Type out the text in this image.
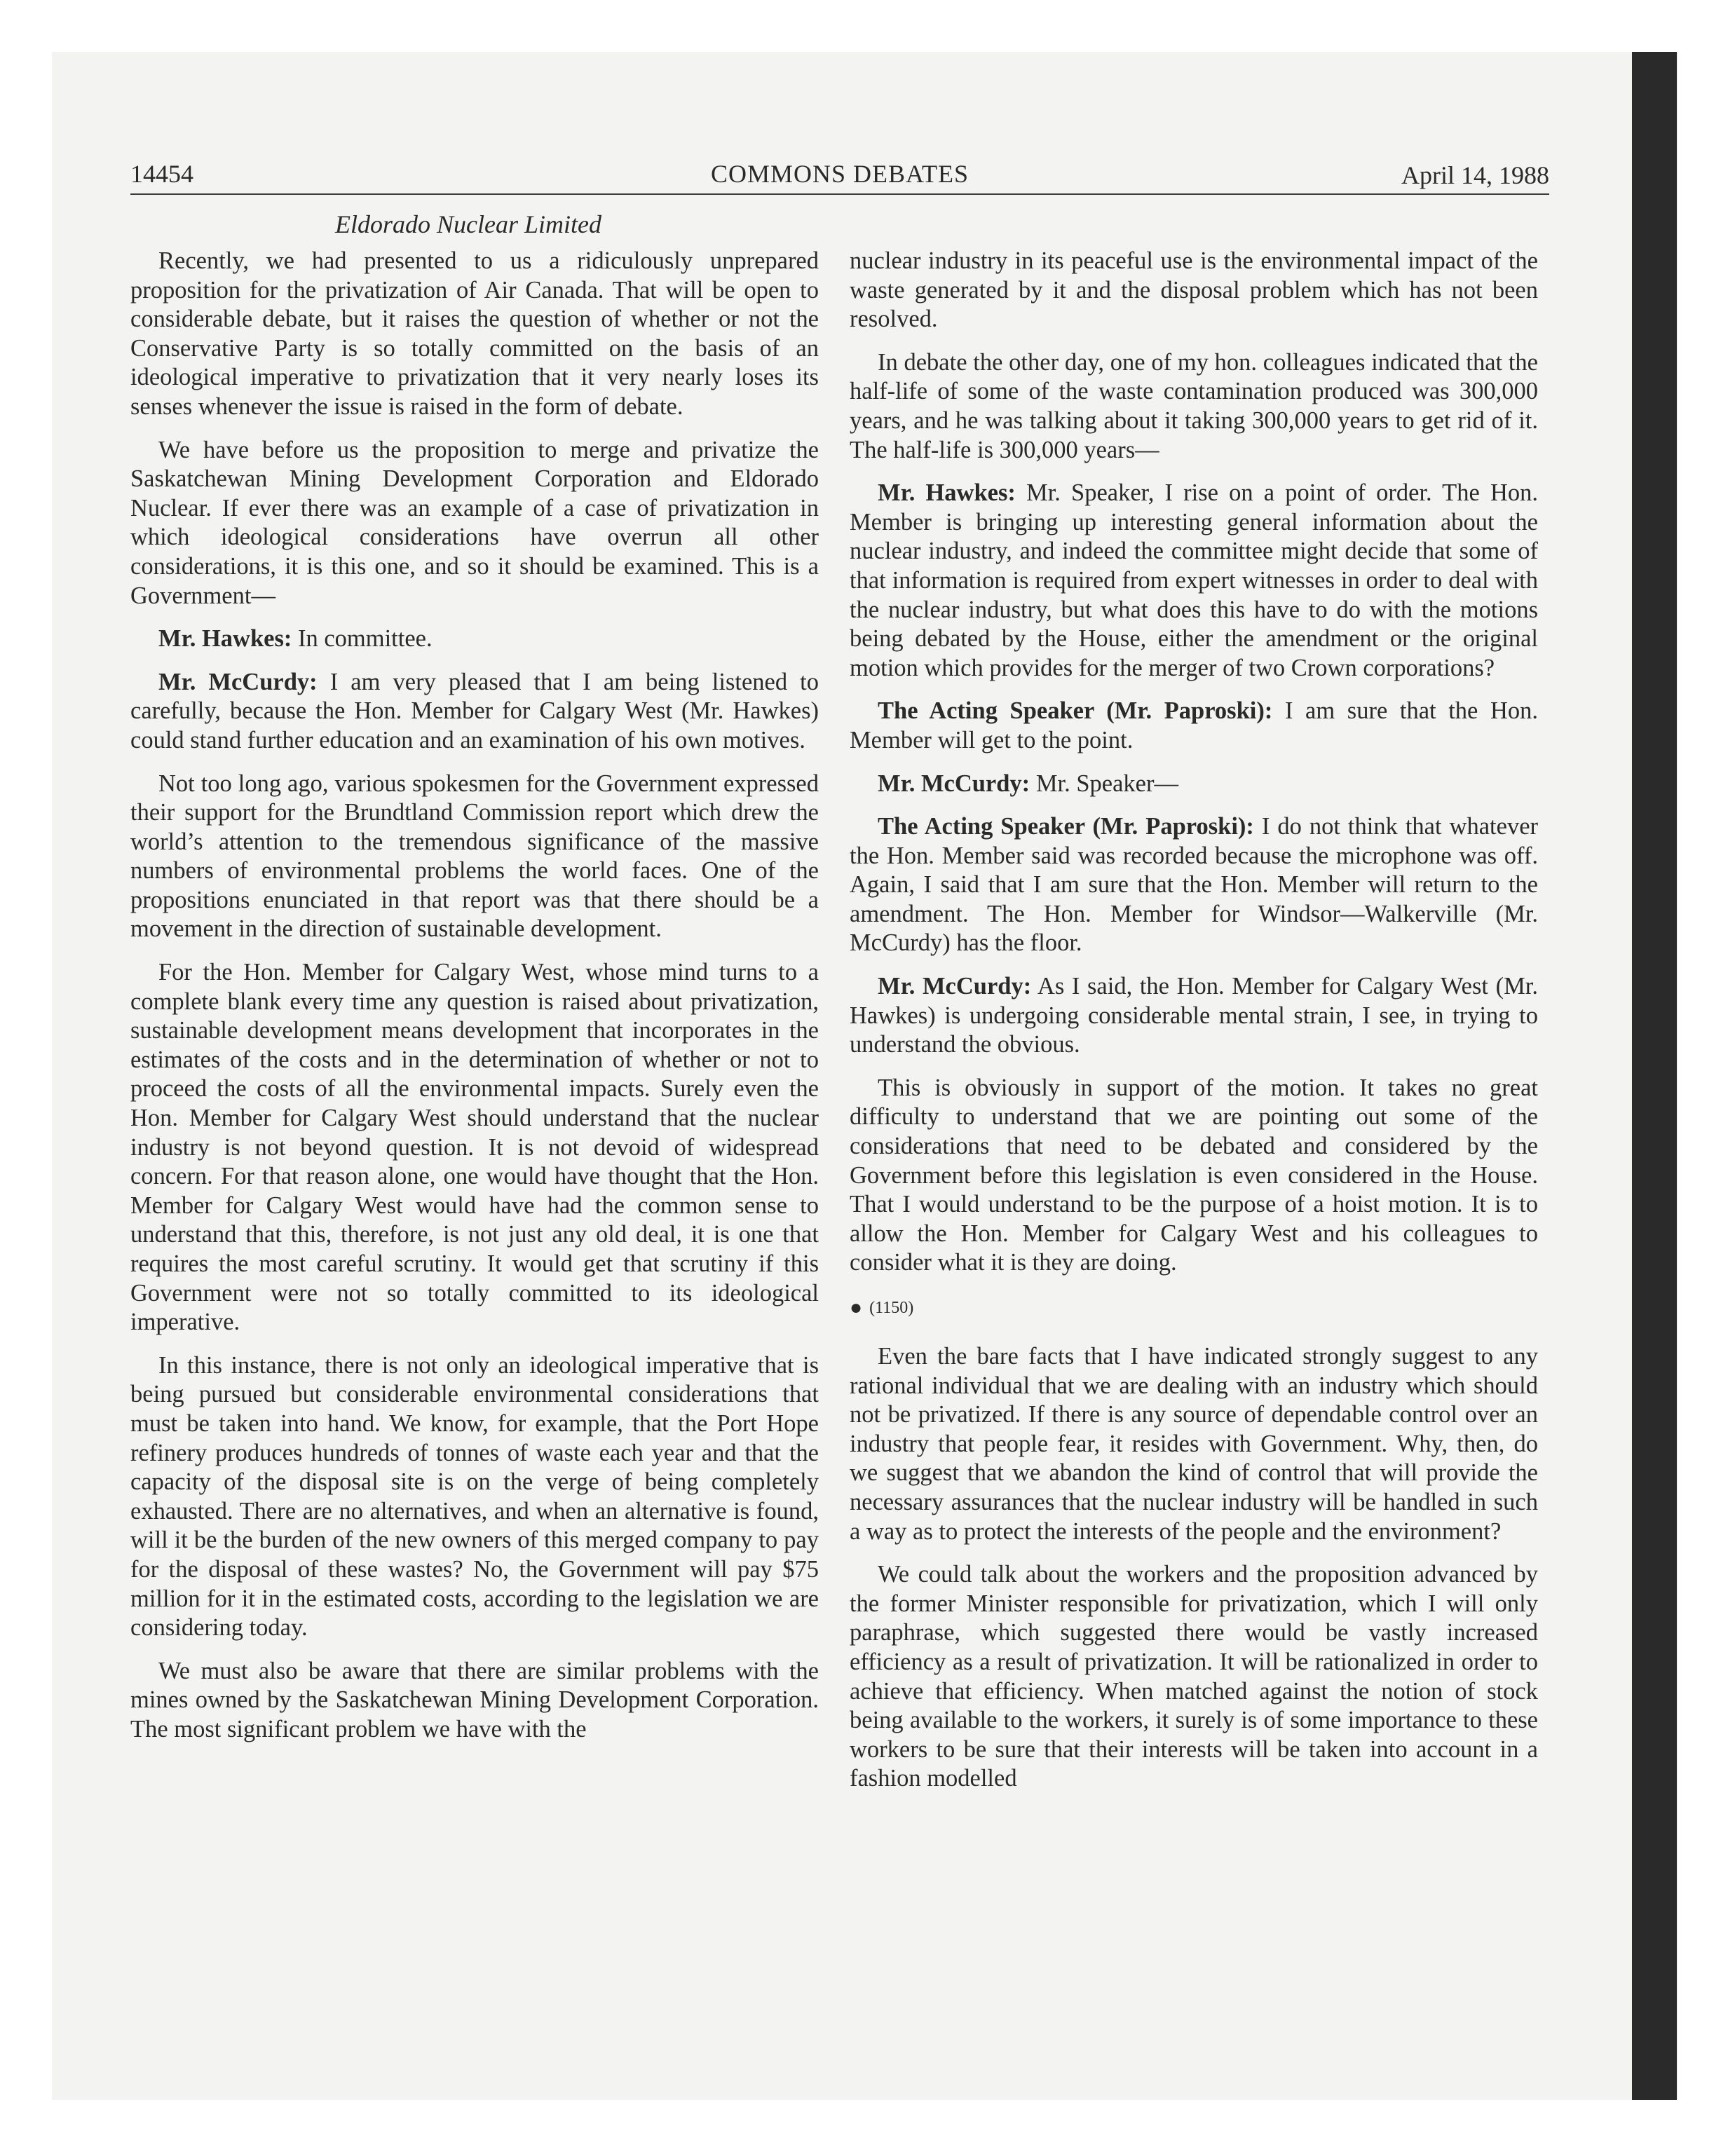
14454	COMMONS DEBATES	April 14, 1988
Eldorado Nuclear Limited

Recently, we had presented to us a ridiculously unprepared proposition for the privatization of Air Canada. That will be open to considerable debate, but it raises the question of whether or not the Conservative Party is so totally committed on the basis of an ideological imperative to privatization that it very nearly loses its senses whenever the issue is raised in the form of debate.

We have before us the proposition to merge and privatize the Saskatchewan Mining Development Corporation and Eldorado Nuclear. If ever there was an example of a case of privatization in which ideological considerations have overrun all other considerations, it is this one, and so it should be examined. This is a Government—

Mr. Hawkes: In committee.

Mr. McCurdy: I am very pleased that I am being listened to carefully, because the Hon. Member for Calgary West (Mr. Hawkes) could stand further education and an examination of his own motives.

Not too long ago, various spokesmen for the Government expressed their support for the Brundtland Commission report which drew the world’s attention to the tremendous significance of the massive numbers of environmental problems the world faces. One of the propositions enunciated in that report was that there should be a movement in the direction of sustainable development.

For the Hon. Member for Calgary West, whose mind turns to a complete blank every time any question is raised about privatization, sustainable development means development that incorporates in the estimates of the costs and in the determination of whether or not to proceed the costs of all the environmental impacts. Surely even the Hon. Member for Calgary West should understand that the nuclear industry is not beyond question. It is not devoid of widespread concern. For that reason alone, one would have thought that the Hon. Member for Calgary West would have had the common sense to understand that this, therefore, is not just any old deal, it is one that requires the most careful scrutiny. It would get that scrutiny if this Government were not so totally committed to its ideological imperative.

In this instance, there is not only an ideological imperative that is being pursued but considerable environmental considerations that must be taken into hand. We know, for example, that the Port Hope refinery produces hundreds of tonnes of waste each year and that the capacity of the disposal site is on the verge of being completely exhausted. There are no alternatives, and when an alternative is found, will it be the burden of the new owners of this merged company to pay for the disposal of these wastes? No, the Government will pay $75 million for it in the estimated costs, according to the legislation we are considering today.

We must also be aware that there are similar problems with the mines owned by the Saskatchewan Mining Development Corporation. The most significant problem we have with the

nuclear industry in its peaceful use is the environmental impact of the waste generated by it and the disposal problem which has not been resolved.

In debate the other day, one of my hon. colleagues indicated that the half-life of some of the waste contamination produced was 300,000 years, and he was talking about it taking 300,000 years to get rid of it. The half-life is 300,000 years—

Mr. Hawkes: Mr. Speaker, I rise on a point of order. The Hon. Member is bringing up interesting general information about the nuclear industry, and indeed the committee might decide that some of that information is required from expert witnesses in order to deal with the nuclear industry, but what does this have to do with the motions being debated by the House, either the amendment or the original motion which provides for the merger of two Crown corporations?

The Acting Speaker (Mr. Paproski): I am sure that the Hon. Member will get to the point.

Mr. McCurdy: Mr. Speaker—

The Acting Speaker (Mr. Paproski): I do not think that whatever the Hon. Member said was recorded because the microphone was off. Again, I said that I am sure that the Hon. Member will return to the amendment. The Hon. Member for Windsor—Walkerville (Mr. McCurdy) has the floor.

Mr. McCurdy: As I said, the Hon. Member for Calgary West (Mr. Hawkes) is undergoing considerable mental strain, I see, in trying to understand the obvious.

This is obviously in support of the motion. It takes no great difficulty to understand that we are pointing out some of the considerations that need to be debated and considered by the Government before this legislation is even considered in the House. That I would understand to be the purpose of a hoist motion. It is to allow the Hon. Member for Calgary West and his colleagues to consider what it is they are doing.

● (1150)

Even the bare facts that I have indicated strongly suggest to any rational individual that we are dealing with an industry which should not be privatized. If there is any source of dependable control over an industry that people fear, it resides with Government. Why, then, do we suggest that we abandon the kind of control that will provide the necessary assurances that the nuclear industry will be handled in such a way as to protect the interests of the people and the environment?

We could talk about the workers and the proposition advanced by the former Minister responsible for privatization, which I will only paraphrase, which suggested there would be vastly increased efficiency as a result of privatization. It will be rationalized in order to achieve that efficiency. When matched against the notion of stock being available to the workers, it surely is of some importance to these workers to be sure that their interests will be taken into account in a fashion modelled
